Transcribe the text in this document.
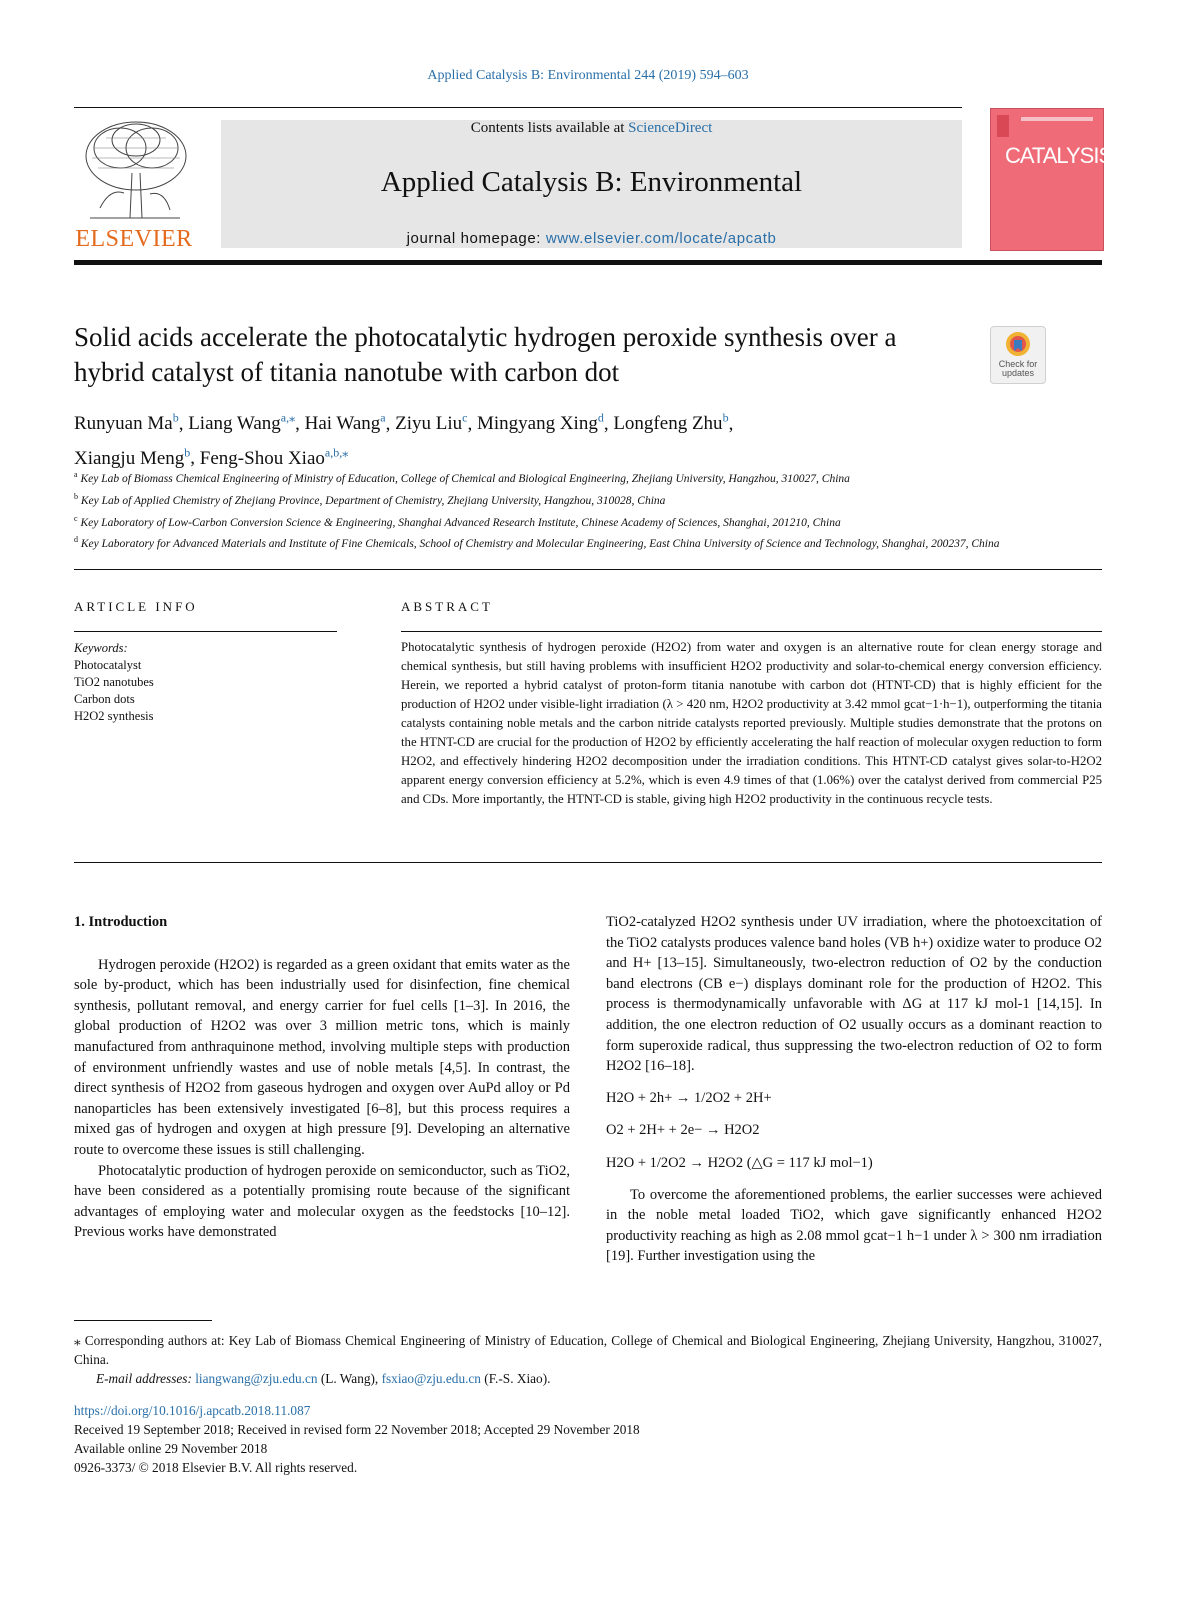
Applied Catalysis B: Environmental 244 (2019) 594–603
ELSEVIER
Contents lists available at ScienceDirect
Applied Catalysis B: Environmental
journal homepage: www.elsevier.com/locate/apcatb
CATALYSIS
Solid acids accelerate the photocatalytic hydrogen peroxide synthesis over a
hybrid catalyst of titania nanotube with carbon dot	Check for updates
Runyuan Ma$^b$, Liang Wang$^{a,⁎}$, Hai Wang$^a$, Ziyu Liu$^c$, Mingyang Xing$^d$, Longfeng Zhu$^b$,
Xiangju Meng$^b$, Feng-Shou Xiao$^{a,b,⁎}$
$^a$ Key Lab of Biomass Chemical Engineering of Ministry of Education, College of Chemical and Biological Engineering, Zhejiang University, Hangzhou, 310027, China
$^b$ Key Lab of Applied Chemistry of Zhejiang Province, Department of Chemistry, Zhejiang University, Hangzhou, 310028, China
$^c$ Key Laboratory of Low-Carbon Conversion Science & Engineering, Shanghai Advanced Research Institute, Chinese Academy of Sciences, Shanghai, 201210, China
$^d$ Key Laboratory for Advanced Materials and Institute of Fine Chemicals, School of Chemistry and Molecular Engineering, East China University of Science and Technology, Shanghai, 200237, China
ARTICLE INFO	ABSTRACT
Keywords:
Photocatalyst
TiO2 nanotubes
Carbon dots
H2O2 synthesis
Photocatalytic synthesis of hydrogen peroxide (H2O2) from water and oxygen is an alternative route for clean energy storage and chemical synthesis, but still having problems with insufficient H2O2 productivity and solar-to-chemical energy conversion efficiency. Herein, we reported a hybrid catalyst of proton-form titania nanotube with carbon dot (HTNT-CD) that is highly efficient for the production of H2O2 under visible-light irradiation (λ > 420 nm, H2O2 productivity at 3.42 mmol gcat−1·h−1), outperforming the titania catalysts containing noble metals and the carbon nitride catalysts reported previously. Multiple studies demonstrate that the protons on the HTNT-CD are crucial for the production of H2O2 by efficiently accelerating the half reaction of molecular oxygen reduction to form H2O2, and effectively hindering H2O2 decomposition under the irradiation conditions. This HTNT-CD catalyst gives solar-to-H2O2 apparent energy conversion efficiency at 5.2%, which is even 4.9 times of that (1.06%) over the catalyst derived from commercial P25 and CDs. More importantly, the HTNT-CD is stable, giving high H2O2 productivity in the continuous recycle tests.
1. Introduction

Hydrogen peroxide (H2O2) is regarded as a green oxidant that emits water as the sole by-product, which has been industrially used for disinfection, fine chemical synthesis, pollutant removal, and energy carrier for fuel cells [1–3]. In 2016, the global production of H2O2 was over 3 million metric tons, which is mainly manufactured from anthraquinone method, involving multiple steps with production of environment unfriendly wastes and use of noble metals [4,5]. In contrast, the direct synthesis of H2O2 from gaseous hydrogen and oxygen over AuPd alloy or Pd nanoparticles has been extensively investigated [6–8], but this process requires a mixed gas of hydrogen and oxygen at high pressure [9]. Developing an alternative route to overcome these issues is still challenging.

Photocatalytic production of hydrogen peroxide on semiconductor, such as TiO2, have been considered as a potentially promising route because of the significant advantages of employing water and molecular oxygen as the feedstocks [10–12]. Previous works have demonstrated

TiO2-catalyzed H2O2 synthesis under UV irradiation, where the photoexcitation of the TiO2 catalysts produces valence band holes (VB h+) oxidize water to produce O2 and H+ [13–15]. Simultaneously, two-electron reduction of O2 by the conduction band electrons (CB e−) displays dominant role for the production of H2O2. This process is thermodynamically unfavorable with ΔG at 117 kJ mol-1 [14,15]. In addition, the one electron reduction of O2 usually occurs as a dominant reaction to form superoxide radical, thus suppressing the two-electron reduction of O2 to form H2O2 [16–18].

H2O + 2h+ → 1/2O2 + 2H+
O2 + 2H+ + 2e− → H2O2
H2O + 1/2O2 → H2O2 (△G = 117 kJ mol−1)

To overcome the aforementioned problems, the earlier successes were achieved in the noble metal loaded TiO2, which gave significantly enhanced H2O2 productivity reaching as high as 2.08 mmol gcat−1 h−1 under λ > 300 nm irradiation [19]. Further investigation using the

⁎ Corresponding authors at: Key Lab of Biomass Chemical Engineering of Ministry of Education, College of Chemical and Biological Engineering, Zhejiang University, Hangzhou, 310027, China.
E-mail addresses: liangwang@zju.edu.cn (L. Wang), fsxiao@zju.edu.cn (F.-S. Xiao).
https://doi.org/10.1016/j.apcatb.2018.11.087
Received 19 September 2018; Received in revised form 22 November 2018; Accepted 29 November 2018
Available online 29 November 2018
0926-3373/ © 2018 Elsevier B.V. All rights reserved.
